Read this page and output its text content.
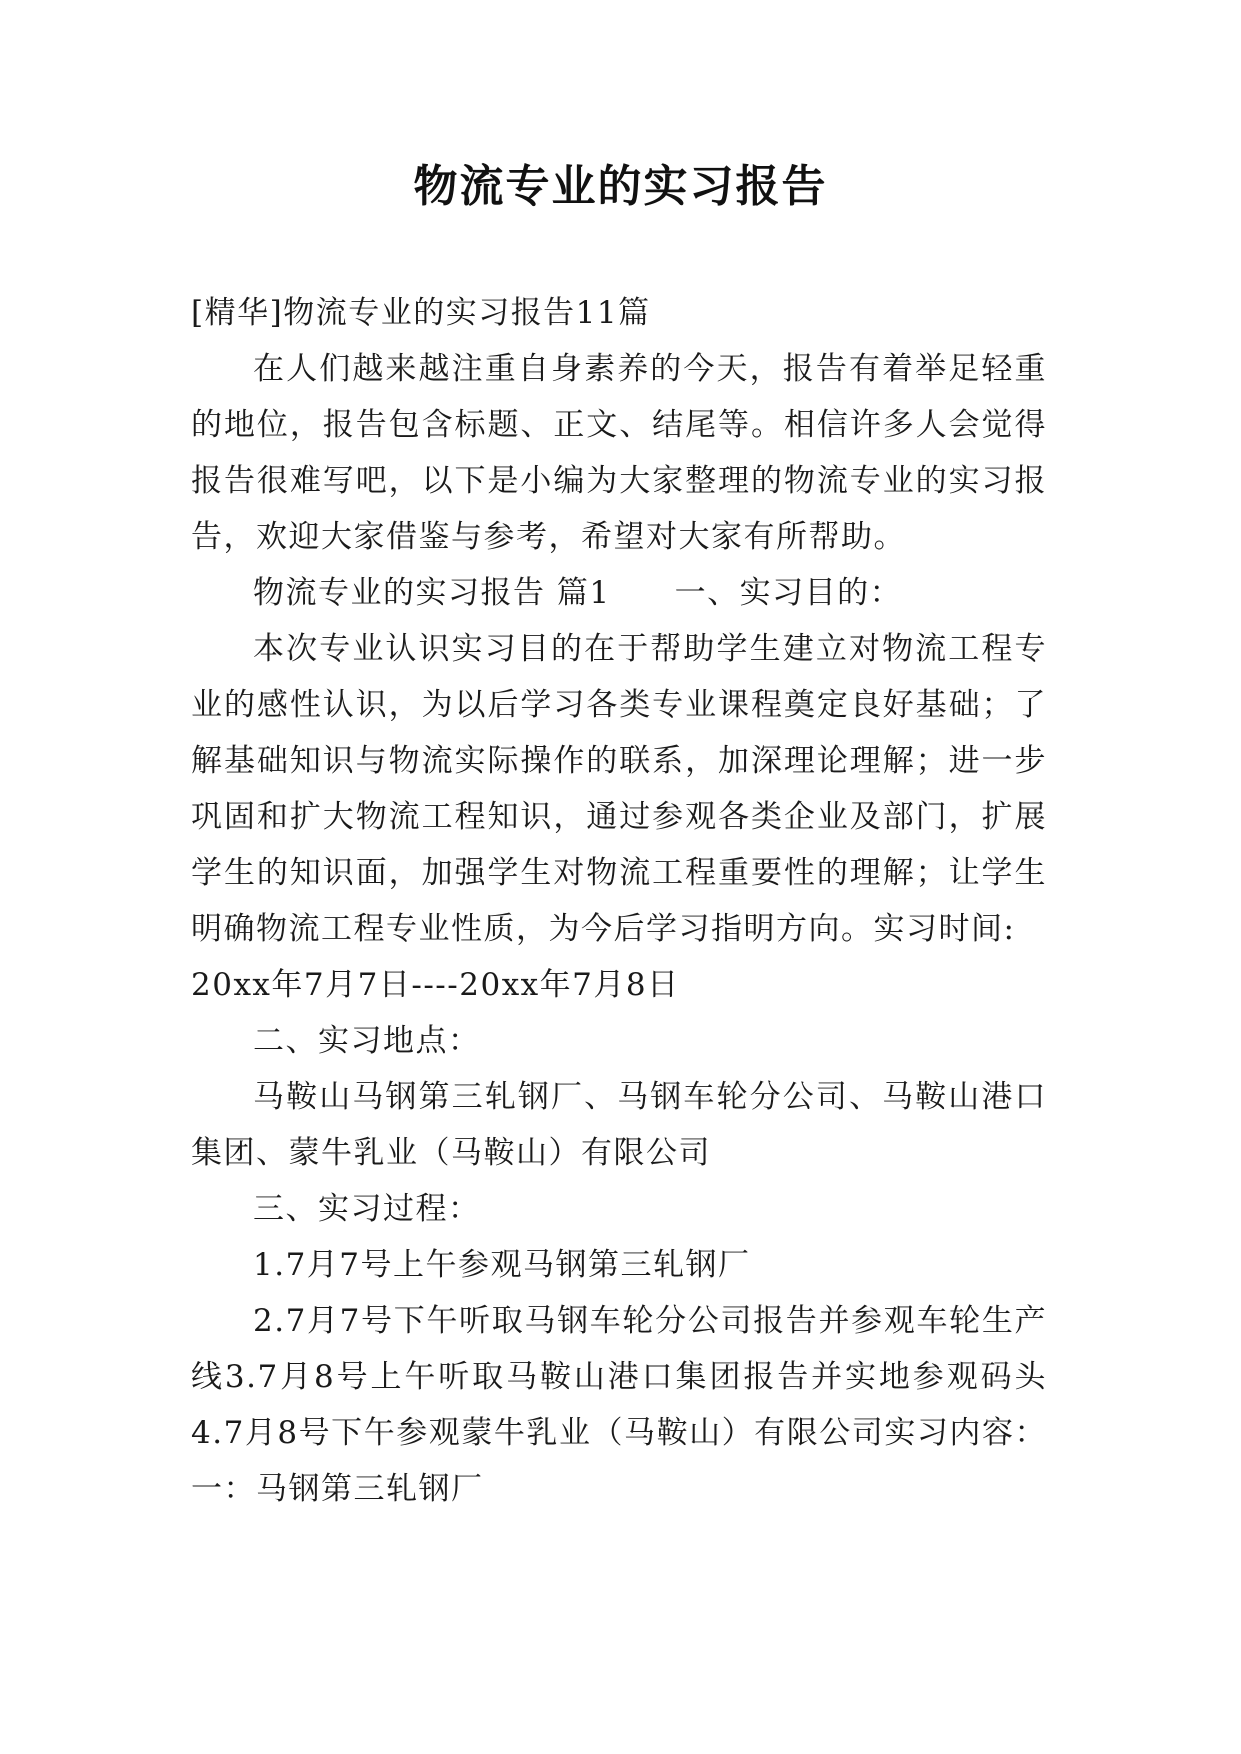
物流专业的实习报告

[精华]物流专业的实习报告11篇

在人们越来越注重自身素养的今天，报告有着举足轻重的地位，报告包含标题、正文、结尾等。相信许多人会觉得报告很难写吧，以下是小编为大家整理的物流专业的实习报告，欢迎大家借鉴与参考，希望对大家有所帮助。

物流专业的实习报告 篇1 一、实习目的：

本次专业认识实习目的在于帮助学生建立对物流工程专业的感性认识，为以后学习各类专业课程奠定良好基础；了解基础知识与物流实际操作的联系，加深理论理解；进一步巩固和扩大物流工程知识，通过参观各类企业及部门，扩展学生的知识面，加强学生对物流工程重要性的理解；让学生明确物流工程专业性质，为今后学习指明方向。实习时间:

20xx年7月7日----20xx年7月8日

二、实习地点：

马鞍山马钢第三轧钢厂、马钢车轮分公司、马鞍山港口集团、蒙牛乳业（马鞍山）有限公司

三、实习过程：

1.7月7号上午参观马钢第三轧钢厂

2.7月7号下午听取马钢车轮分公司报告并参观车轮生产线3.7月8号上午听取马鞍山港口集团报告并实地参观码头4.7月8号下午参观蒙牛乳业（马鞍山）有限公司实习内容：一：马钢第三轧钢厂
